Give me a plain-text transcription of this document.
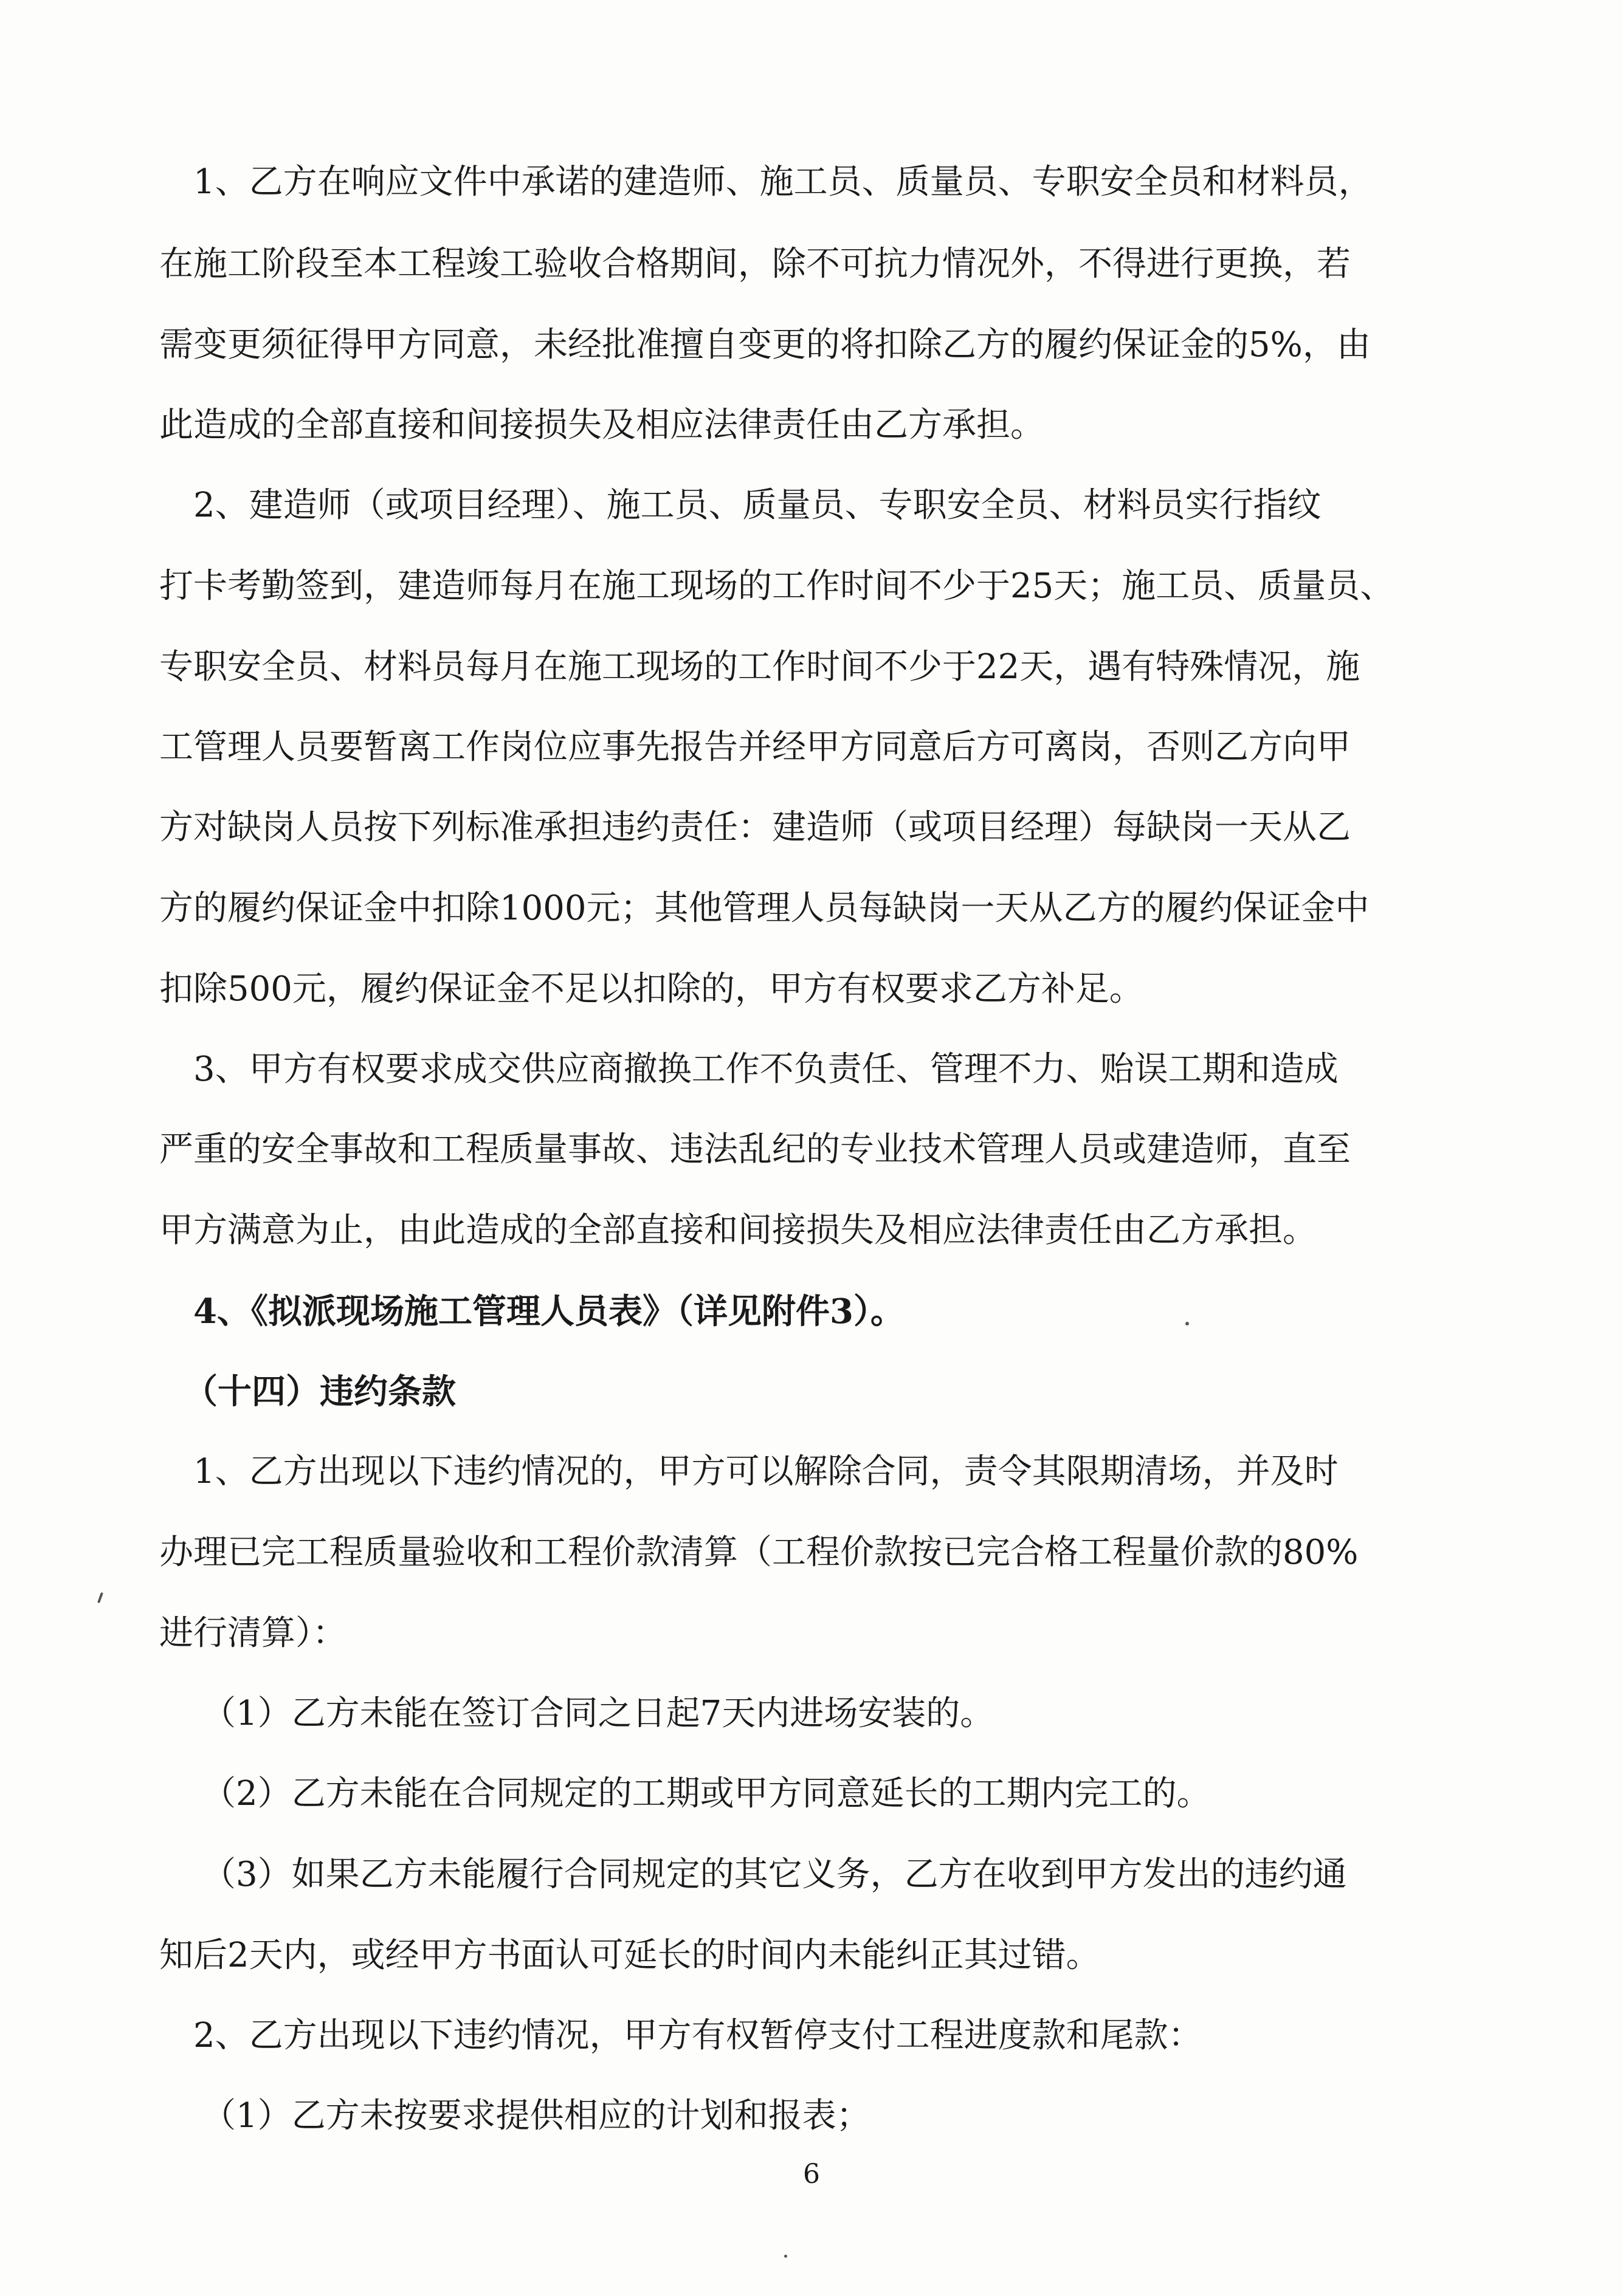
　1、乙方在响应文件中承诺的建造师、施工员、质量员、专职安全员和材料员，
在施工阶段至本工程竣工验收合格期间，除不可抗力情况外，不得进行更换，若
需变更须征得甲方同意，未经批准擅自变更的将扣除乙方的履约保证金的5%，由
此造成的全部直接和间接损失及相应法律责任由乙方承担。
　2、建造师（或项目经理）、施工员、质量员、专职安全员、材料员实行指纹
打卡考勤签到，建造师每月在施工现场的工作时间不少于25天；施工员、质量员、
专职安全员、材料员每月在施工现场的工作时间不少于22天，遇有特殊情况，施
工管理人员要暂离工作岗位应事先报告并经甲方同意后方可离岗，否则乙方向甲
方对缺岗人员按下列标准承担违约责任：建造师（或项目经理）每缺岗一天从乙
方的履约保证金中扣除1000元；其他管理人员每缺岗一天从乙方的履约保证金中
扣除500元，履约保证金不足以扣除的，甲方有权要求乙方补足。
　3、甲方有权要求成交供应商撤换工作不负责任、管理不力、贻误工期和造成
严重的安全事故和工程质量事故、违法乱纪的专业技术管理人员或建造师，直至
甲方满意为止，由此造成的全部直接和间接损失及相应法律责任由乙方承担。
　4、《拟派现场施工管理人员表》（详见附件3）。
（十四）违约条款
　1、乙方出现以下违约情况的，甲方可以解除合同，责令其限期清场，并及时
办理已完工程质量验收和工程价款清算（工程价款按已完合格工程量价款的80%
进行清算）：
（1）乙方未能在签订合同之日起7天内进场安装的。
（2）乙方未能在合同规定的工期或甲方同意延长的工期内完工的。
（3）如果乙方未能履行合同规定的其它义务，乙方在收到甲方发出的违约通
知后2天内，或经甲方书面认可延长的时间内未能纠正其过错。
　2、乙方出现以下违约情况，甲方有权暂停支付工程进度款和尾款：
（1）乙方未按要求提供相应的计划和报表；
6
